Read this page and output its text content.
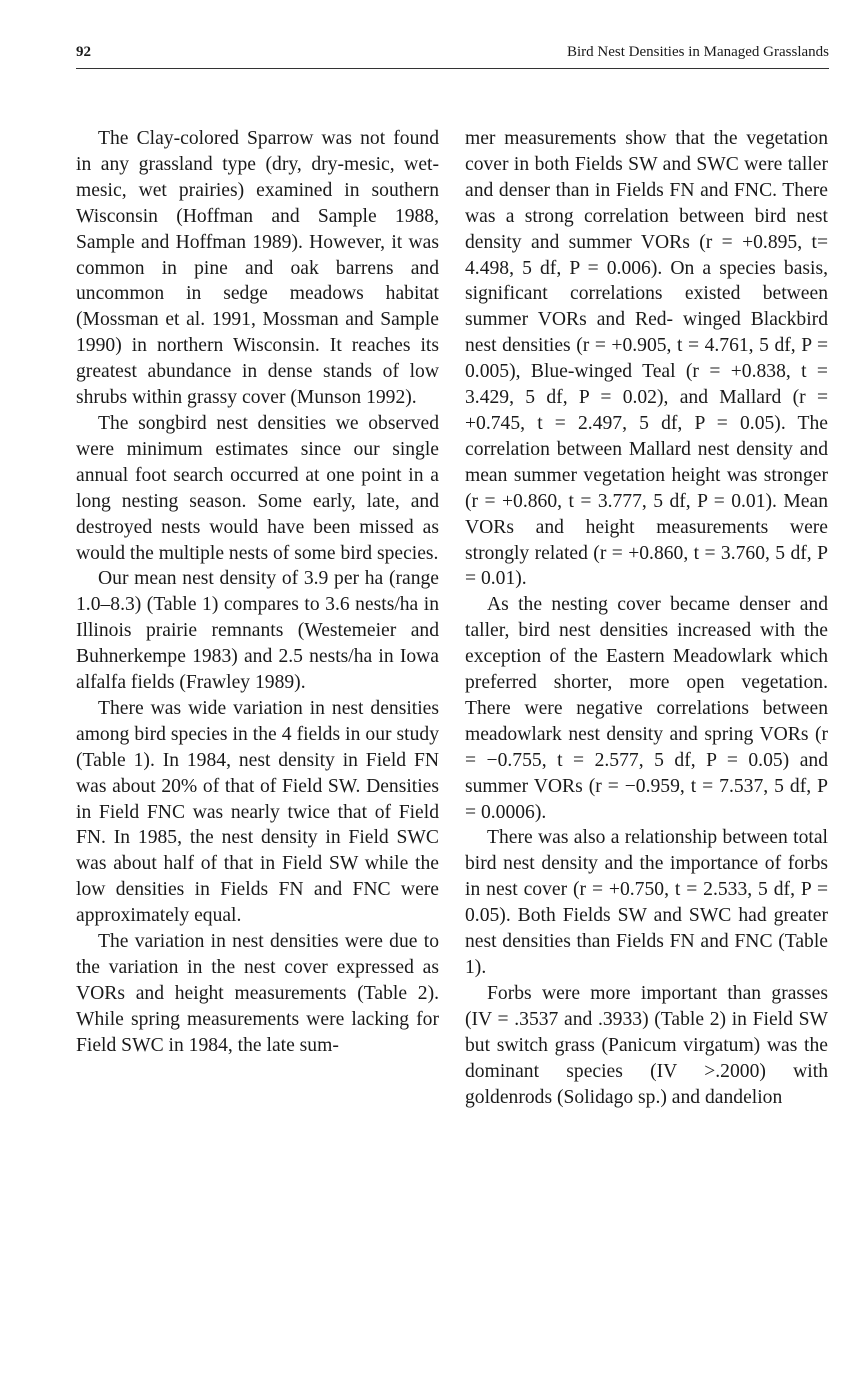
92	Bird Nest Densities in Managed Grasslands

The Clay-colored Sparrow was not found in any grassland type (dry, dry-mesic, wet-mesic, wet prairies) examined in southern Wisconsin (Hoffman and Sample 1988, Sample and Hoffman 1989). However, it was common in pine and oak barrens and uncommon in sedge meadows habitat (Mossman et al. 1991, Mossman and Sample 1990) in northern Wisconsin. It reaches its greatest abundance in dense stands of low shrubs within grassy cover (Munson 1992).

The songbird nest densities we observed were minimum estimates since our single annual foot search occurred at one point in a long nesting season. Some early, late, and destroyed nests would have been missed as would the multiple nests of some bird species.

Our mean nest density of 3.9 per ha (range 1.0–8.3) (Table 1) compares to 3.6 nests/ha in Illinois prairie remnants (Westemeier and Buhnerkempe 1983) and 2.5 nests/ha in Iowa alfalfa fields (Frawley 1989).

There was wide variation in nest densities among bird species in the 4 fields in our study (Table 1). In 1984, nest density in Field FN was about 20% of that of Field SW. Densities in Field FNC was nearly twice that of Field FN. In 1985, the nest density in Field SWC was about half of that in Field SW while the low densities in Fields FN and FNC were approximately equal.

The variation in nest densities were due to the variation in the nest cover expressed as VORs and height measurements (Table 2). While spring measurements were lacking for Field SWC in 1984, the late sum-

mer measurements show that the vegetation cover in both Fields SW and SWC were taller and denser than in Fields FN and FNC. There was a strong correlation between bird nest density and summer VORs (r = +0.895, t= 4.498, 5 df, P = 0.006). On a species basis, significant correlations existed between summer VORs and Red- winged Blackbird nest densities (r = +0.905, t = 4.761, 5 df, P = 0.005), Blue-winged Teal (r = +0.838, t = 3.429, 5 df, P = 0.02), and Mallard (r = +0.745, t = 2.497, 5 df, P = 0.05). The correlation between Mallard nest density and mean summer vegetation height was stronger (r = +0.860, t = 3.777, 5 df, P = 0.01). Mean VORs and height measurements were strongly related (r = +0.860, t = 3.760, 5 df, P = 0.01).

As the nesting cover became denser and taller, bird nest densities increased with the exception of the Eastern Meadowlark which preferred shorter, more open vegetation. There were negative correlations between meadowlark nest density and spring VORs (r = −0.755, t = 2.577, 5 df, P = 0.05) and summer VORs (r = −0.959, t = 7.537, 5 df, P = 0.0006).

There was also a relationship between total bird nest density and the importance of forbs in nest cover (r = +0.750, t = 2.533, 5 df, P = 0.05). Both Fields SW and SWC had greater nest densities than Fields FN and FNC (Table 1).

Forbs were more important than grasses (IV = .3537 and .3933) (Table 2) in Field SW but switch grass (Panicum virgatum) was the dominant species (IV >.2000) with goldenrods (Solidago sp.) and dandelion
